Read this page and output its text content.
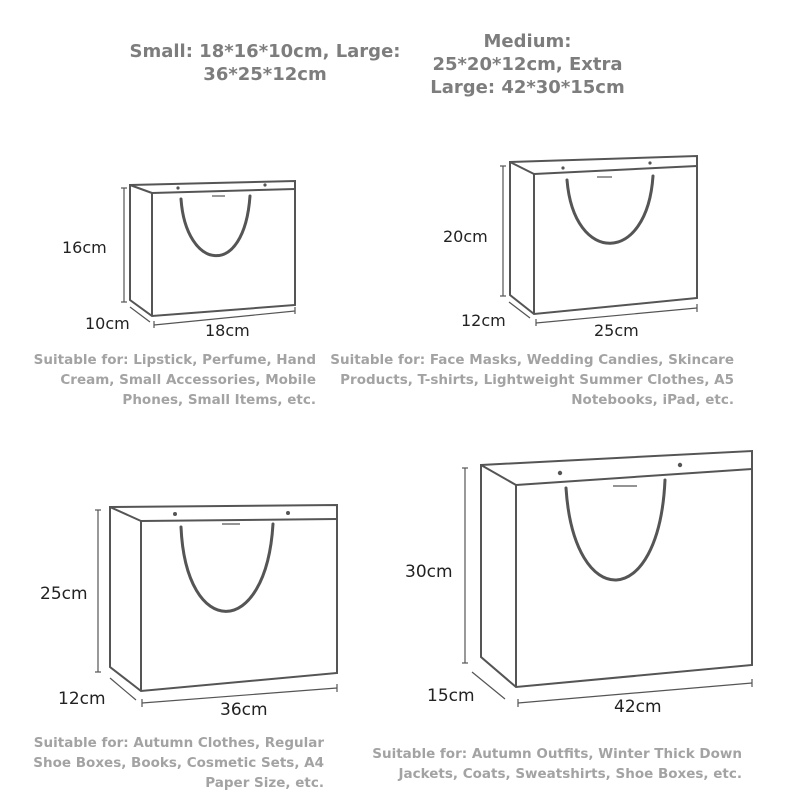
Small: 18*16*10cm, Large:
36*25*12cm
Medium:
25*20*12cm, Extra
Large: 42*30*15cm
16cm
10cm	18cm
20cm
12cm
25cm
25cm
12cm
36cm
30cm
15cm
42cm
Suitable for: Lipstick, Perfume, Hand
Cream, Small Accessories, Mobile
Phones, Small Items, etc.
Suitable for: Face Masks, Wedding Candies, Skincare
Products, T-shirts, Lightweight Summer Clothes, A5
Notebooks, iPad, etc.
Suitable for: Autumn Clothes, Regular
Shoe Boxes, Books, Cosmetic Sets, A4
Paper Size, etc.
Suitable for: Autumn Outfits, Winter Thick Down
Jackets, Coats, Sweatshirts, Shoe Boxes, etc.
